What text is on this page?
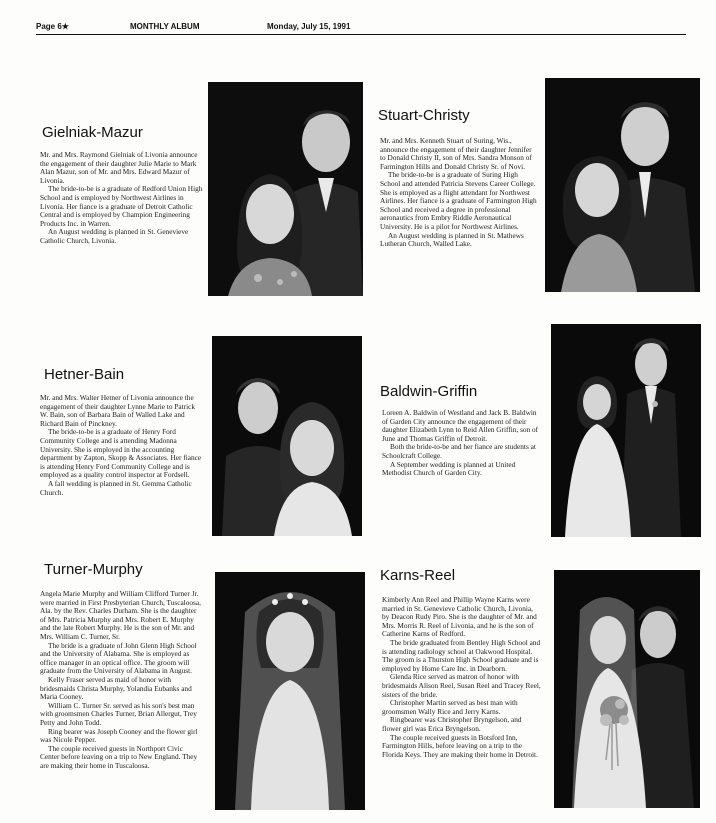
Page 6★	MONTHLY ALBUM	Monday, July 15, 1991
Gielniak-Mazur

Mr. and Mrs. Raymond Gielniak of Livonia announce the engagement of their daughter Julie Marie to Mark Alan Mazur, son of Mr. and Mrs. Edward Mazur of Livonia.

The bride-to-be is a graduate of Redford Union High School and is employed by Northwest Airlines in Livonia. Her fiance is a graduate of Detroit Catholic Central and is employed by Champion Engineering Products Inc. in Warren.

An August wedding is planned in St. Genevieve Catholic Church, Livonia.

Stuart-Christy

Mr. and Mrs. Kenneth Stuart of Suring, Wis., announce the engagement of their daughter Jennifer to Donald Christy II, son of Mrs. Sandra Monson of Farmington Hills and Donald Christy Sr. of Novi.

The bride-to-be is a graduate of Suring High School and attended Patricia Stevens Career College. She is employed as a flight attendant for Northwest Airlines. Her fiance is a graduate of Farmington High School and received a degree in professional aeronautics from Embry Riddle Aeronautical University. He is a pilot for Northwest Airlines.

An August wedding is planned in St. Mathews Lutheran Church, Walled Lake.

Hetner-Bain

Mr. and Mrs. Walter Hetner of Livonia announce the engagement of their daughter Lynne Marie to Patrick W. Bain, son of Barbara Bain of Walled Lake and Richard Bain of Pinckney.

The bride-to-be is a graduate of Henry Ford Community College and is attending Madonna University. She is employed in the accounting department by Zapton, Skopp & Associates. Her fiance is attending Henry Ford Community College and is employed as a quality control inspector at Fordsell.

A fall wedding is planned in St. Gemma Catholic Church.

Baldwin-Griffin

Loreen A. Baldwin of Westland and Jack B. Baldwin of Garden City announce the engagement of their daughter Elizabeth Lynn to Reid Allen Griffin, son of June and Thomas Griffin of Detroit.

Both the bride-to-be and her fiance are students at Schoolcraft College.

A September wedding is planned at United Methodist Church of Garden City.

Turner-Murphy

Angela Marie Murphy and William Clifford Turner Jr. were married in First Presbyterian Church, Tuscaloosa, Ala. by the Rev. Charles Durham. She is the daughter of Mrs. Patricia Murphy and Mrs. Robert E. Murphy and the late Robert Murphy. He is the son of Mr. and Mrs. William C. Turner, Sr.

The bride is a graduate of John Glenn High School and the University of Alabama. She is employed as office manager in an optical office. The groom will graduate from the University of Alabama in August.

Kelly Fraser served as maid of honor with bridesmaids Christa Murphy, Yolandia Eubanks and Maria Cooney.

William C. Turner Sr. served as his son's best man with groomsmen Charles Turner, Brian Allergut, Trey Petty and John Todd.

Ring bearer was Joseph Cooney and the flower girl was Nicole Pepper.

The couple received guests in Northport Civic Center before leaving on a trip to New England. They are making their home in Tuscaloosa.

Karns-Reel

Kimberly Ann Reel and Phillip Wayne Karns were married in St. Genevieve Catholic Church, Livonia, by Deacon Rudy Piro. She is the daughter of Mr. and Mrs. Morris R. Reel of Livonia, and he is the son of Catherine Karns of Redford.

The bride graduated from Bentley High School and is attending radiology school at Oakwood Hospital. The groom is a Thurston High School graduate and is employed by Home Care Inc. in Dearborn.

Glenda Rice served as matron of honor with bridesmaids Alison Reel, Susan Reel and Tracey Reel, sisters of the bride.

Christopher Martin served as best man with groomsmen Wally Rice and Jerry Karns.

Ringbearer was Christopher Bryngelson, and flower girl was Erica Bryngelson.

The couple received guests in Botsford Inn, Farmington Hills, before leaving on a trip to the Florida Keys. They are making their home in Detroit.
